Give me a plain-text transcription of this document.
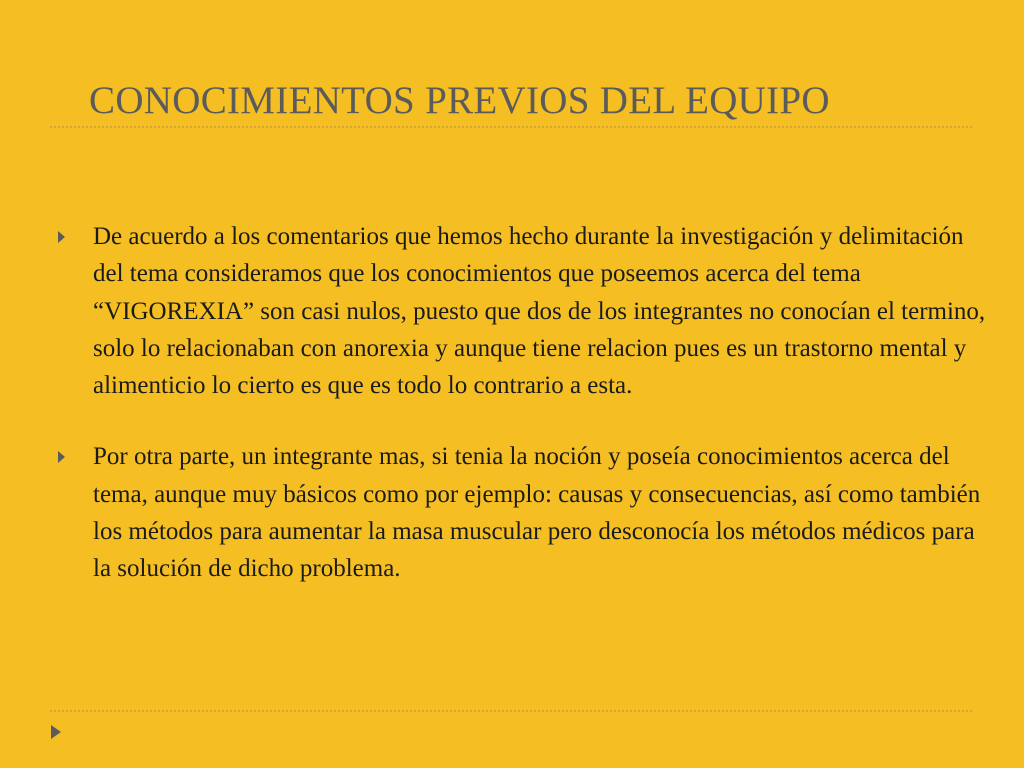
CONOCIMIENTOS PREVIOS DEL EQUIPO
De acuerdo a los comentarios que hemos hecho durante la investigación y delimitación del tema consideramos que los conocimientos que poseemos acerca del tema “VIGOREXIA” son casi nulos, puesto que dos de los integrantes no conocían el termino, solo lo relacionaban con anorexia y aunque tiene relacion pues es un trastorno mental y alimenticio lo cierto es que es todo lo contrario a esta.
Por otra parte, un integrante mas, si tenia la noción y poseía conocimientos acerca del tema, aunque muy básicos como por ejemplo: causas y consecuencias, así como también los métodos para aumentar la masa muscular pero desconocía los métodos médicos para la solución de dicho problema.
